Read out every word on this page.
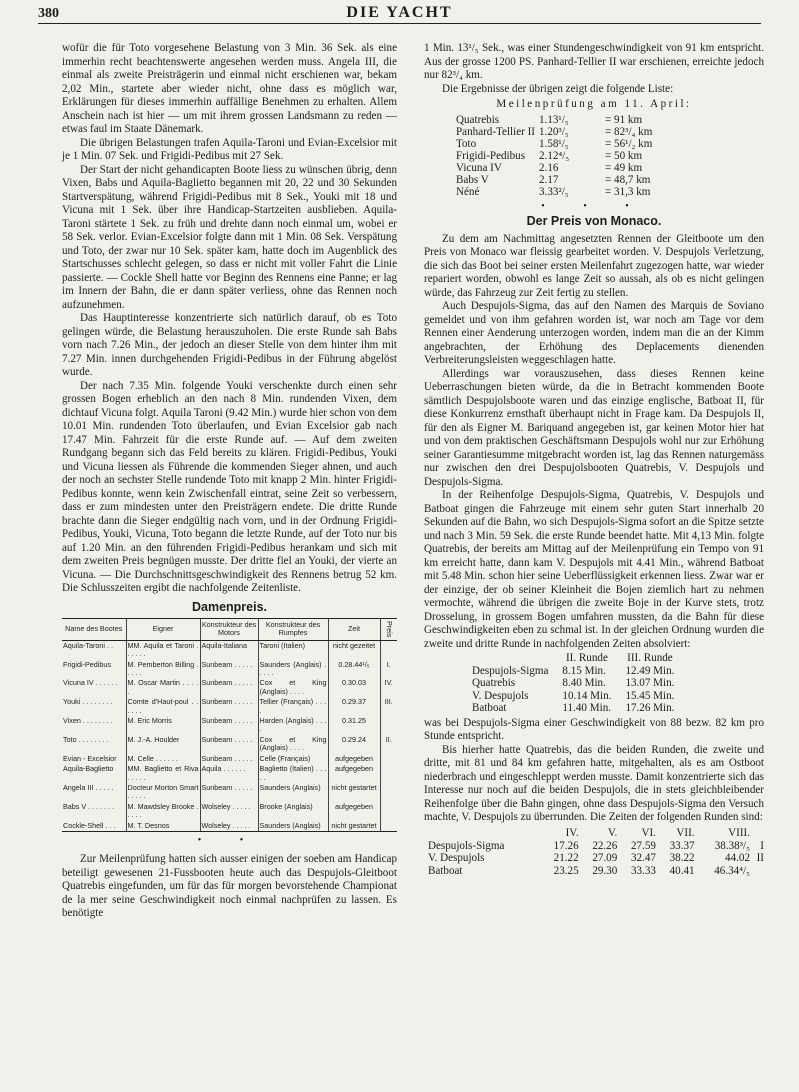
380	DIE YACHT

wofür die für Toto vorgesehene Belastung von 3 Min. 36 Sek. als eine immerhin recht beachtenswerte angesehen werden muss. Angela III, die einmal als zweite Preisträgerin und einmal nicht erschienen war, bekam 2,02 Min., startete aber wieder nicht, ohne dass es möglich war, Erklärungen für dieses immerhin auffällige Benehmen zu erhalten. Allem Anschein nach ist hier — um mit ihrem grossen Landsmann zu reden — etwas faul im Staate Dänemark.

Die übrigen Belastungen trafen Aquila-Taroni und Evian-Excelsior mit je 1 Min. 07 Sek. und Frigidi-Pedibus mit 27 Sek.

Der Start der nicht gehandicapten Boote liess zu wünschen übrig, denn Vixen, Babs und Aquila-Baglietto begannen mit 20, 22 und 30 Sekunden Startverspätung, während Frigidi-Pedibus mit 8 Sek., Youki mit 18 und Vicuna mit 1 Sek. über ihre Handicap-Startzeiten ausblieben. Aquila-Taroni stärtete 1 Sek. zu früh und drehte dann noch einmal um, wobei er 58 Sek. verlor. Evian-Excelsior folgte dann mit 1 Min. 08 Sek. Verspätung und Toto, der zwar nur 10 Sek. später kam, hatte doch im Augenblick des Startschusses schlecht gelegen, so dass er nicht mit voller Fahrt die Linie passierte. — Cockle Shell hatte vor Beginn des Rennens eine Panne; er lag im Innern der Bahn, die er dann später verliess, ohne das Rennen noch aufzunehmen.

Das Hauptinteresse konzentrierte sich natürlich darauf, ob es Toto gelingen würde, die Belastung herauszuholen. Die erste Runde sah Babs vorn nach 7.26 Min., der jedoch an dieser Stelle von dem hinter ihm mit 7.27 Min. innen durchgehenden Frigidi-Pedibus in der Führung abgelöst wurde.

Der nach 7.35 Min. folgende Youki verschenkte durch einen sehr grossen Bogen erheblich an den nach 8 Min. rundenden Vixen, dem dichtauf Vicuna folgt. Aquila Taroni (9.42 Min.) wurde hier schon von dem 10.01 Min. rundenden Toto überlaufen, und Evian Excelsior gab nach 17.47 Min. Fahrzeit für die erste Runde auf. — Auf dem zweiten Rundgang begann sich das Feld bereits zu klären. Frigidi-Pedibus, Youki und Vicuna liessen als Führende die kommenden Sieger ahnen, und auch der noch an sechster Stelle rundende Toto mit knapp 2 Min. hinter Frigidi-Pedibus konnte, wenn kein Zwischenfall eintrat, seine Zeit so verbessern, dass er zum mindesten unter den Preisträgern endete. Die dritte Runde brachte dann die Sieger endgültig nach vorn, und in der Ordnung Frigidi-Pedibus, Youki, Vicuna, Toto begann die letzte Runde, auf der Toto nur bis auf 1.20 Min. an den führenden Frigidi-Pedibus herankam und sich mit dem zweiten Preis begnügen musste. Der dritte fiel an Youki, der vierte an Vicuna. — Die Durchschnittsgeschwindigkeit des Rennens betrug 52 km. Die Schlusszeiten ergibt die nachfolgende Zeitenliste.

Damenpreis.
Name des Bootes	Eigner	Konstrukteur des Motors	Konstrukteur des Rumpfes	Zeit	Preis
Aquila-Taroni . .	MM. Aquila et Taroni . . . . . .	Aquila-Italiana	Taroni (Italien)	nicht gezeitet	
Frigidi-Pedibus	M. Pemberton Billing . . . . .	Sunbeam . . . . .	Saunders (Anglais) . . . . .	0.28.44¹/₅	I.
Vicuna IV . . . . . .	M. Oscar Martin . . . . .	Sunbeam . . . . .	Cox et King (Anglais) . . . .	0.30.03	IV.
Youki . . . . . . . .	Comte d'Haut-poul . . . . . .	Sunbeam . . . . .	Tellier (Français) . . . .	0.29.37	III.
Vixen . . . . . . . .	M. Eric Morris	Sunbeam . . . . .	Harden (Anglais) . . . .	0.31.25	
Toto . . . . . . . .	M. J.-A. Houlder	Sunbeam . . . . .	Cox et King (Anglais) . . . .	0.29.24	II.
Evian - Excelsior	M. Celle . . . . . .	Sunbeam . . . . .	Celle (Français)	aufgegeben	
Aquila-Baglietto	MM. Baglietto et Riva . . . . .	Aquila . . . . . .	Baglietto (Italien) . . . . .	aufgegeben	
Angela III . . . . .	Docteur Morton Smart . . . . .	Sunbeam . . . . .	Saunders (Anglais)	nicht gestartet	
Babs V . . . . . . .	M. Mawdsley Brooke . . . . .	Wolseley . . . . .	Brooke (Anglais)	aufgegeben	
Cockle-Shell . . .	M. T. Desnos	Wolseley . . . . .	Saunders (Anglais)	nicht gestartet	
• •

Zur Meilenprüfung hatten sich ausser einigen der soeben am Handicap beteiligt gewesenen 21-Fussbooten heute auch das Despujols-Gleitboot Quatrebis eingefunden, um für das für morgen bevorstehende Championat de la mer seine Geschwindigkeit noch einmal nachprüfen zu lassen. Es benötigte

1 Min. 13¹/₅ Sek., was einer Stundengeschwindigkeit von 91 km entspricht. Aus der grosse 1200 PS. Panhard-Tellier II war erschienen, erreichte jedoch nur 82³/₄ km.

Die Ergebnisse der übrigen zeigt die folgende Liste:

Meilenprüfung am 11. April:
Quatrebis	1.13¹/₅	= 91 km
Panhard-Tellier II	1.20³/₅	= 82³/₄ km
Toto	1.58¹/₅	= 56¹/₂ km
Frigidi-Pedibus	2.12⁴/₅	= 50 km
Vicuna IV	2.16	= 49 km
Babs V	2.17	= 48,7 km
Néné	3.33²/₅	= 31,3 km
• • •
Der Preis von Monaco.

Zu dem am Nachmittag angesetzten Rennen der Gleitboote um den Preis von Monaco war fleissig gearbeitet worden. V. Despujols Verletzung, die sich das Boot bei seiner ersten Meilenfahrt zugezogen hatte, war wieder repariert worden, obwohl es lange Zeit so aussah, als ob es nicht gelingen würde, das Fahrzeug zur Zeit fertig zu stellen.

Auch Despujols-Sigma, das auf den Namen des Marquis de Soviano gemeldet und von ihm gefahren worden ist, war noch am Tage vor dem Rennen einer Aenderung unterzogen worden, indem man die an der Kimm angebrachten, der Erhöhung des Deplacements dienenden Verbreiterungsleisten weggeschlagen hatte.

Allerdings war vorauszusehen, dass dieses Rennen keine Ueberraschungen bieten würde, da die in Betracht kommenden Boote sämtlich Despujolsboote waren und das einzige englische, Batboat II, für diese Konkurrenz ernsthaft überhaupt nicht in Frage kam. Da Despujols II, für den als Eigner M. Bariquand angegeben ist, gar keinen Motor hier hat und von dem praktischen Geschäftsmann Despujols wohl nur zur Erhöhung seiner Garantiesumme mitgebracht worden ist, lag das Rennen naturgemäss nur zwischen den drei Despujolsbooten Quatrebis, V. Despujols und Despujols-Sigma.

In der Reihenfolge Despujols-Sigma, Quatrebis, V. Despujols und Batboat gingen die Fahrzeuge mit einem sehr guten Start innerhalb 20 Sekunden auf die Bahn, wo sich Despujols-Sigma sofort an die Spitze setzte und nach 3 Min. 59 Sek. die erste Runde beendet hatte. Mit 4,13 Min. folgte Quatrebis, der bereits am Mittag auf der Meilenprüfung ein Tempo von 91 km erreicht hatte, dann kam V. Despujols mit 4.41 Min., während Batboat mit 5.48 Min. schon hier seine Ueberflüssigkeit erkennen liess. Zwar war er der einzige, der ob seiner Kleinheit die Bojen ziemlich hart zu nehmen vermochte, während die übrigen die zweite Boje in der Kurve stets, trotz Drosselung, in grossem Bogen umfahren mussten, da die Bahn für diese Geschwindigkeiten eben zu schmal ist. In der gleichen Ordnung wurden die zweite und dritte Runde in nachfolgenden Zeiten absolviert:

	II. Runde	III. Runde
Despujols-Sigma	8.15 Min.	12.49 Min.
Quatrebis	8.40 Min.	13.07 Min.
V. Despujols	10.14 Min.	15.45 Min.
Batboat	11.40 Min.	17.26 Min.

was bei Despujols-Sigma einer Geschwindigkeit von 88 bezw. 82 km pro Stunde entspricht.

Bis hierher hatte Quatrebis, das die beiden Runden, die zweite und dritte, mit 81 und 84 km gefahren hatte, mitgehalten, als es am Ostboot niederbrach und eingeschleppt werden musste. Damit konzentrierte sich das Interesse nur noch auf die beiden Despujols, die in stets gleichbleibender Reihenfolge über die Bahn gingen, ohne dass Despujols-Sigma den Versuch machte, V. Despujols zu überrunden. Die Zeiten der folgenden Runden sind:

	IV.	V.	VI.	VII.	VIII.	
Despujols-Sigma	17.26	22.26	27.59	33.37	38.38³/₅	I
V. Despujols	21.22	27.09	32.47	38.22	44.02	II
Batboat	23.25	29.30	33.33	40.41	46.34⁴/₅	
